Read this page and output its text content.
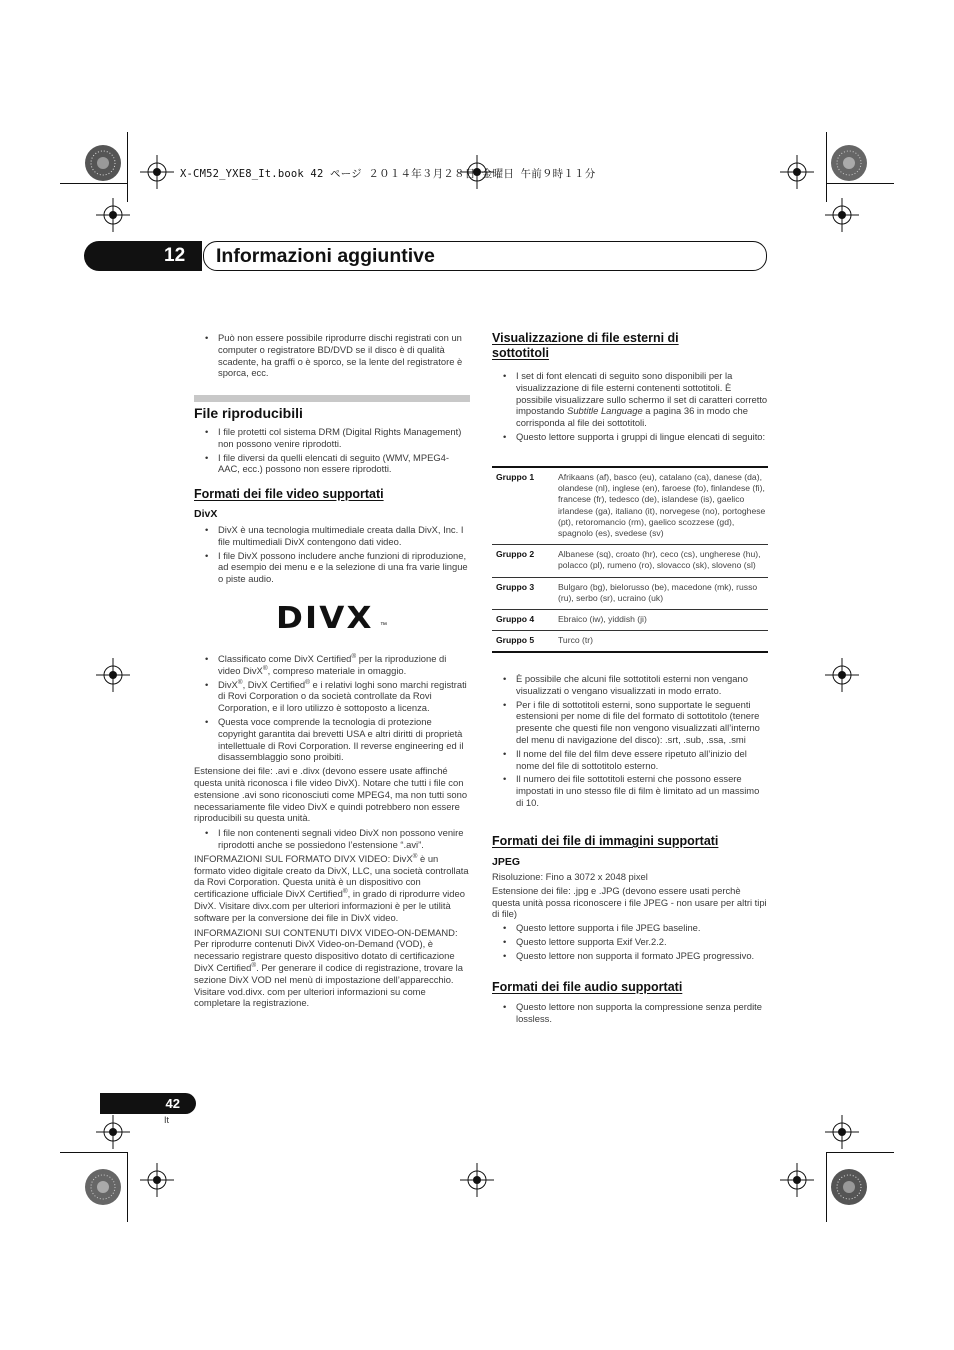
X-CM52_YXE8_It.book 42 ページ ２０１４年３月２８日 金曜日 午前９時１１分
12	Informazioni aggiuntive
• Può non essere possibile riprodurre dischi registrati con un computer o registratore BD/DVD se il disco è di qualità scadente, ha graffi o è sporco, se la lente del registratore è sporca, ecc.
File riproducibili
• I file protetti col sistema DRM (Digital Rights Management) non possono venire riprodotti.
• I file diversi da quelli elencati di seguito (WMV, MPEG4-AAC, ecc.) possono non essere riprodotti.
Formati dei file video supportati
DivX
• DivX è una tecnologia multimediale creata dalla DivX, Inc. I file multimediali DivX contengono dati video.
• I file DivX possono includere anche funzioni di riproduzione, ad esempio dei menu e e la selezione di una fra varie lingue o piste audio.
DIVX ™
• Classificato come DivX Certified® per la riproduzione di video DivX®, compreso materiale in omaggio.
• DivX®, DivX Certified® e i relativi loghi sono marchi registrati di Rovi Corporation o da società controllate da Rovi Corporation, e il loro utilizzo è sottoposto a licenza.
• Questa voce comprende la tecnologia di protezione copyright garantita dai brevetti USA e altri diritti di proprietà intellettuale di Rovi Corporation. Il reverse engineering ed il disassemblaggio sono proibiti.

Estensione dei file: .avi e .divx (devono essere usate affinché questa unità riconosca i file video DivX). Notare che tutti i file con estensione .avi sono riconosciuti come MPEG4, ma non tutti sono necessariamente file video DivX e quindi potrebbero non essere riproducibili su questa unità.

• I file non contenenti segnali video DivX non possono venire riprodotti anche se possiedono l’estensione “.avi”.

INFORMAZIONI SUL FORMATO DIVX VIDEO: DivX® è un formato video digitale creato da DivX, LLC, una società controllata da Rovi Corporation. Questa unità è un dispositivo con certificazione ufficiale DivX Certified®, in grado di riprodurre video DivX. Visitare divx.com per ulteriori informazioni è per le utilità software per la conversione dei file in DivX video.

INFORMAZIONI SUI CONTENUTI DIVX VIDEO-ON-DEMAND: Per riprodurre contenuti DivX Video-on-Demand (VOD), è necessario registrare questo dispositivo dotato di certificazione DivX Certified®. Per generare il codice di registrazione, trovare la sezione DivX VOD nel menù di impostazione dell’apparecchio. Visitare vod.divx. com per ulteriori informazioni su come completare la registrazione.

Visualizzazione di file esterni di sottotitoli
• I set di font elencati di seguito sono disponibili per la visualizzazione di file esterni contenenti sottotitoli. È possibile visualizzare sullo schermo il set di caratteri corretto impostando Subtitle Language a pagina 36 in modo che corrisponda al file dei sottotitoli.
• Questo lettore supporta i gruppi di lingue elencati di seguito:
Gruppo 1	Afrikaans (af), basco (eu), catalano (ca), danese (da), olandese (nl), inglese (en), faroese (fo), finlandese (fi), francese (fr), tedesco (de), islandese (is), gaelico irlandese (ga), italiano (it), norvegese (no), portoghese (pt), retoromancio (rm), gaelico scozzese (gd), spagnolo (es), svedese (sv)
Gruppo 2	Albanese (sq), croato (hr), ceco (cs), ungherese (hu), polacco (pl), rumeno (ro), slovacco (sk), sloveno (sl)
Gruppo 3	Bulgaro (bg), bielorusso (be), macedone (mk), russo (ru), serbo (sr), ucraino (uk)
Gruppo 4	Ebraico (iw), yiddish (ji)
Gruppo 5	Turco (tr)
• È possibile che alcuni file sottotitoli esterni non vengano visualizzati o vengano visualizzati in modo errato.
• Per i file di sottotitoli esterni, sono supportate le seguenti estensioni per nome di file del formato di sottotitolo (tenere presente che questi file non vengono visualizzati all’interno del menu di navigazione del disco): .srt, .sub, .ssa, .smi
• Il nome del file del film deve essere ripetuto all’inizio del nome del file di sottotitolo esterno.
• Il numero dei file sottotitoli esterni che possono essere impostati in uno stesso file di film è limitato ad un massimo di 10.
Formati dei file di immagini supportati
JPEG

Risoluzione: Fino a 3072 x 2048 pixel

Estensione dei file: .jpg e .JPG (devono essere usati perchè questa unità possa riconoscere i file JPEG - non usare per altri tipi di file)

• Questo lettore supporta i file JPEG baseline.
• Questo lettore supporta Exif Ver.2.2.
• Questo lettore non supporta il formato JPEG progressivo.
Formati dei file audio supportati
• Questo lettore non supporta la compressione senza perdite lossless.
42
It
